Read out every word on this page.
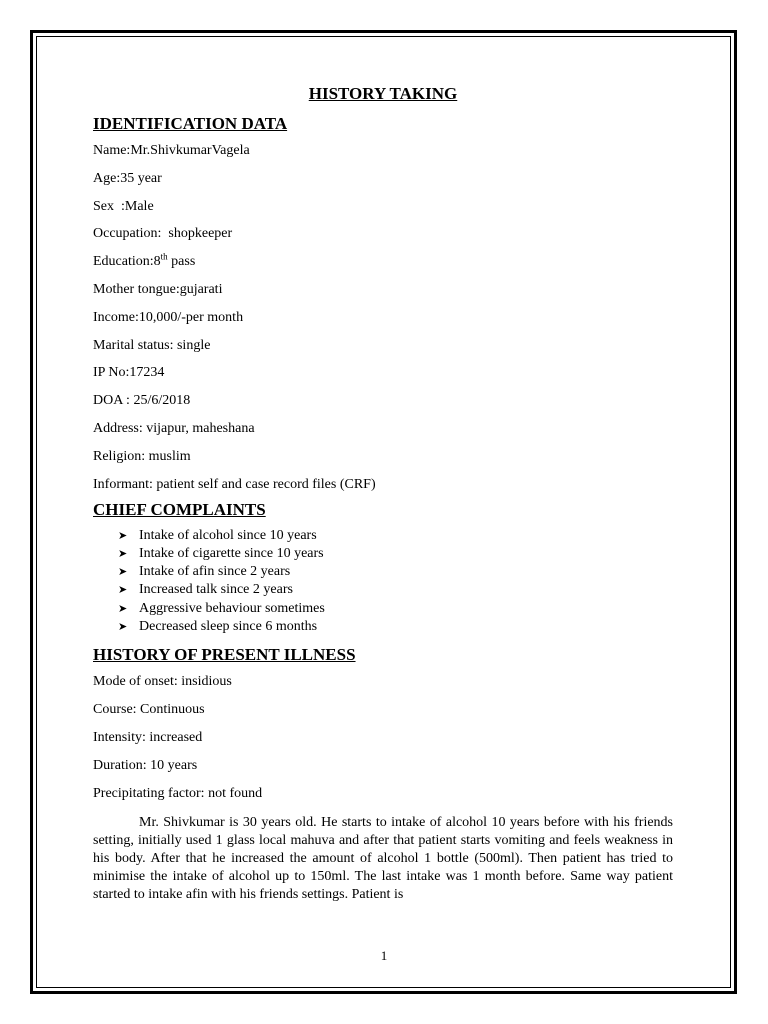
HISTORY TAKING
IDENTIFICATION DATA

Name:Mr.ShivkumarVagela

Age:35 year

Sex  :Male

Occupation:  shopkeeper

Education:8th pass

Mother tongue:gujarati

Income:10,000/-per month

Marital status: single

IP No:17234

DOA : 25/6/2018

Address: vijapur, maheshana

Religion: muslim

Informant: patient self and case record files (CRF)

CHIEF COMPLAINTS
➤ Intake of alcohol since 10 years
➤ Intake of cigarette since 10 years
➤ Intake of afin since 2 years
➤ Increased talk since 2 years
➤ Aggressive behaviour sometimes
➤ Decreased sleep since 6 months
HISTORY OF PRESENT ILLNESS

Mode of onset: insidious

Course: Continuous

Intensity: increased

Duration: 10 years

Precipitating factor: not found

Mr. Shivkumar is 30 years old. He starts to intake of alcohol 10 years before with his friends setting, initially used 1 glass local mahuva and after that patient starts vomiting and feels weakness in his body. After that he increased the amount of alcohol 1 bottle (500ml). Then patient has tried to minimise the intake of alcohol up to 150ml. The last intake was 1 month before. Same way patient started to intake afin with his friends settings. Patient is

1
